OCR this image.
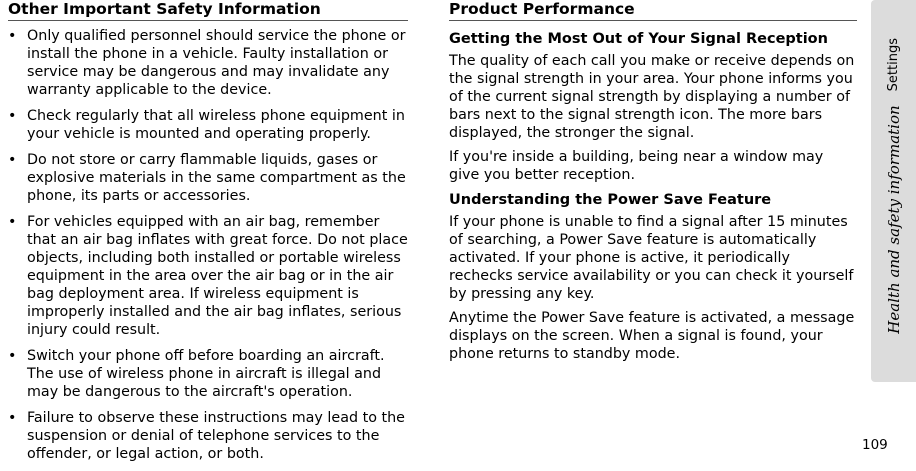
Other Important Safety Information
• Only qualified personnel should service the phone or install the phone in a vehicle. Faulty installation or service may be dangerous and may invalidate any warranty applicable to the device.
• Check regularly that all wireless phone equipment in your vehicle is mounted and operating properly.
• Do not store or carry flammable liquids, gases or explosive materials in the same compartment as the phone, its parts or accessories.
• For vehicles equipped with an air bag, remember that an air bag inflates with great force. Do not place objects, including both installed or portable wireless equipment in the area over the air bag or in the air bag deployment area. If wireless equipment is improperly installed and the air bag inflates, serious injury could result.
• Switch your phone off before boarding an aircraft. The use of wireless phone in aircraft is illegal and may be dangerous to the aircraft's operation.
• Failure to observe these instructions may lead to the suspension or denial of telephone services to the offender, or legal action, or both.
Product Performance
Getting the Most Out of Your Signal Reception

The quality of each call you make or receive depends on the signal strength in your area. Your phone informs you of the current signal strength by displaying a number of bars next to the signal strength icon. The more bars displayed, the stronger the signal.

If you're inside a building, being near a window may give you better reception.

Understanding the Power Save Feature

If your phone is unable to find a signal after 15 minutes of searching, a Power Save feature is automatically activated. If your phone is active, it periodically rechecks service availability or you can check it yourself by pressing any key.

Anytime the Power Save feature is activated, a message displays on the screen. When a signal is found, your phone returns to standby mode.

Health and safety information
Settings
109
